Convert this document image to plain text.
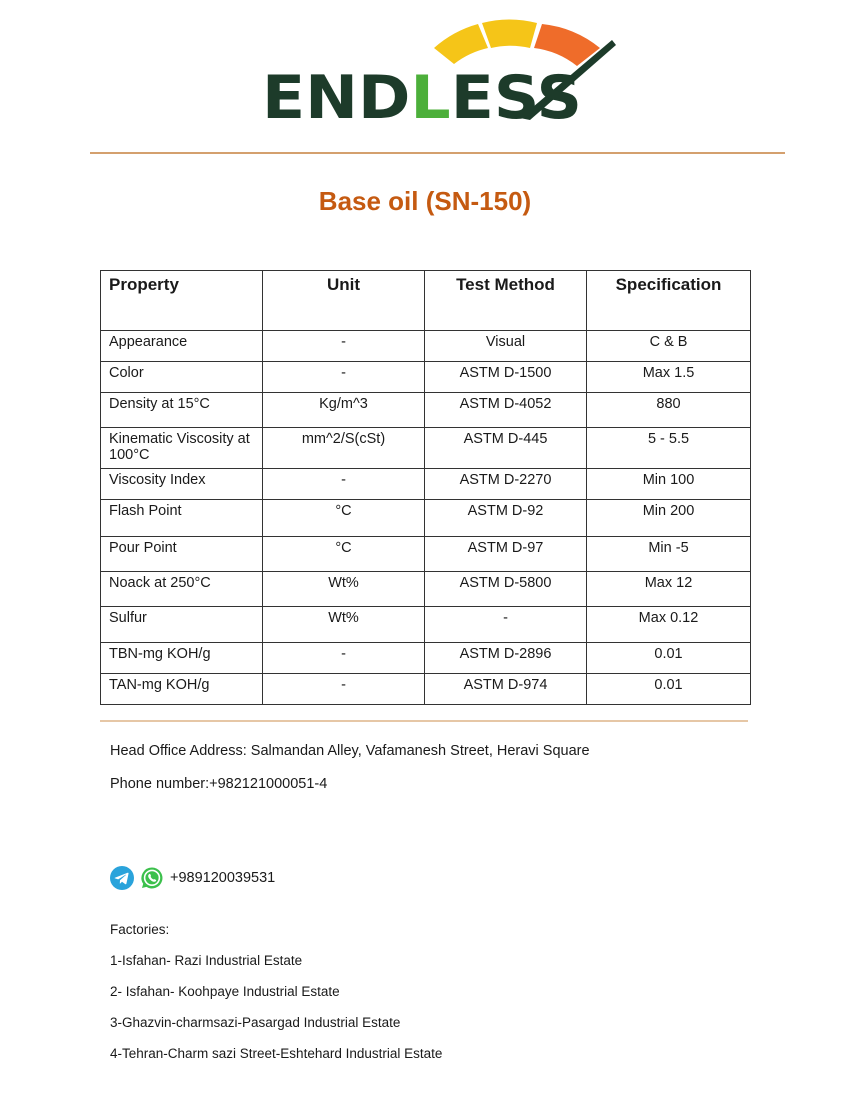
END LESS
Base oil (SN-150)
Property	Unit	Test Method	Specification
Appearance	-	Visual	C & B
Color	-	ASTM D-1500	Max 1.5
Density at 15°C	Kg/m^3	ASTM D-4052	880
Kinematic Viscosity at 100°C	mm^2/S(cSt)	ASTM D-445	5 - 5.5
Viscosity Index	-	ASTM D-2270	Min 100
Flash Point	°C	ASTM D-92	Min 200
Pour Point	°C	ASTM D-97	Min -5
Noack at 250°C	Wt%	ASTM D-5800	Max 12
Sulfur	Wt%	-	Max 0.12
TBN-mg KOH/g	-	ASTM D-2896	0.01
TAN-mg KOH/g	-	ASTM D-974	0.01
Head Office Address: Salmandan Alley, Vafamanesh Street, Heravi Square
Phone number:+982121000051-4
+989120039531
Factories:
1-Isfahan- Razi Industrial Estate
2- Isfahan- Koohpaye Industrial Estate
3-Ghazvin-charmsazi-Pasargad Industrial Estate
4-Tehran-Charm sazi Street-Eshtehard Industrial Estate
